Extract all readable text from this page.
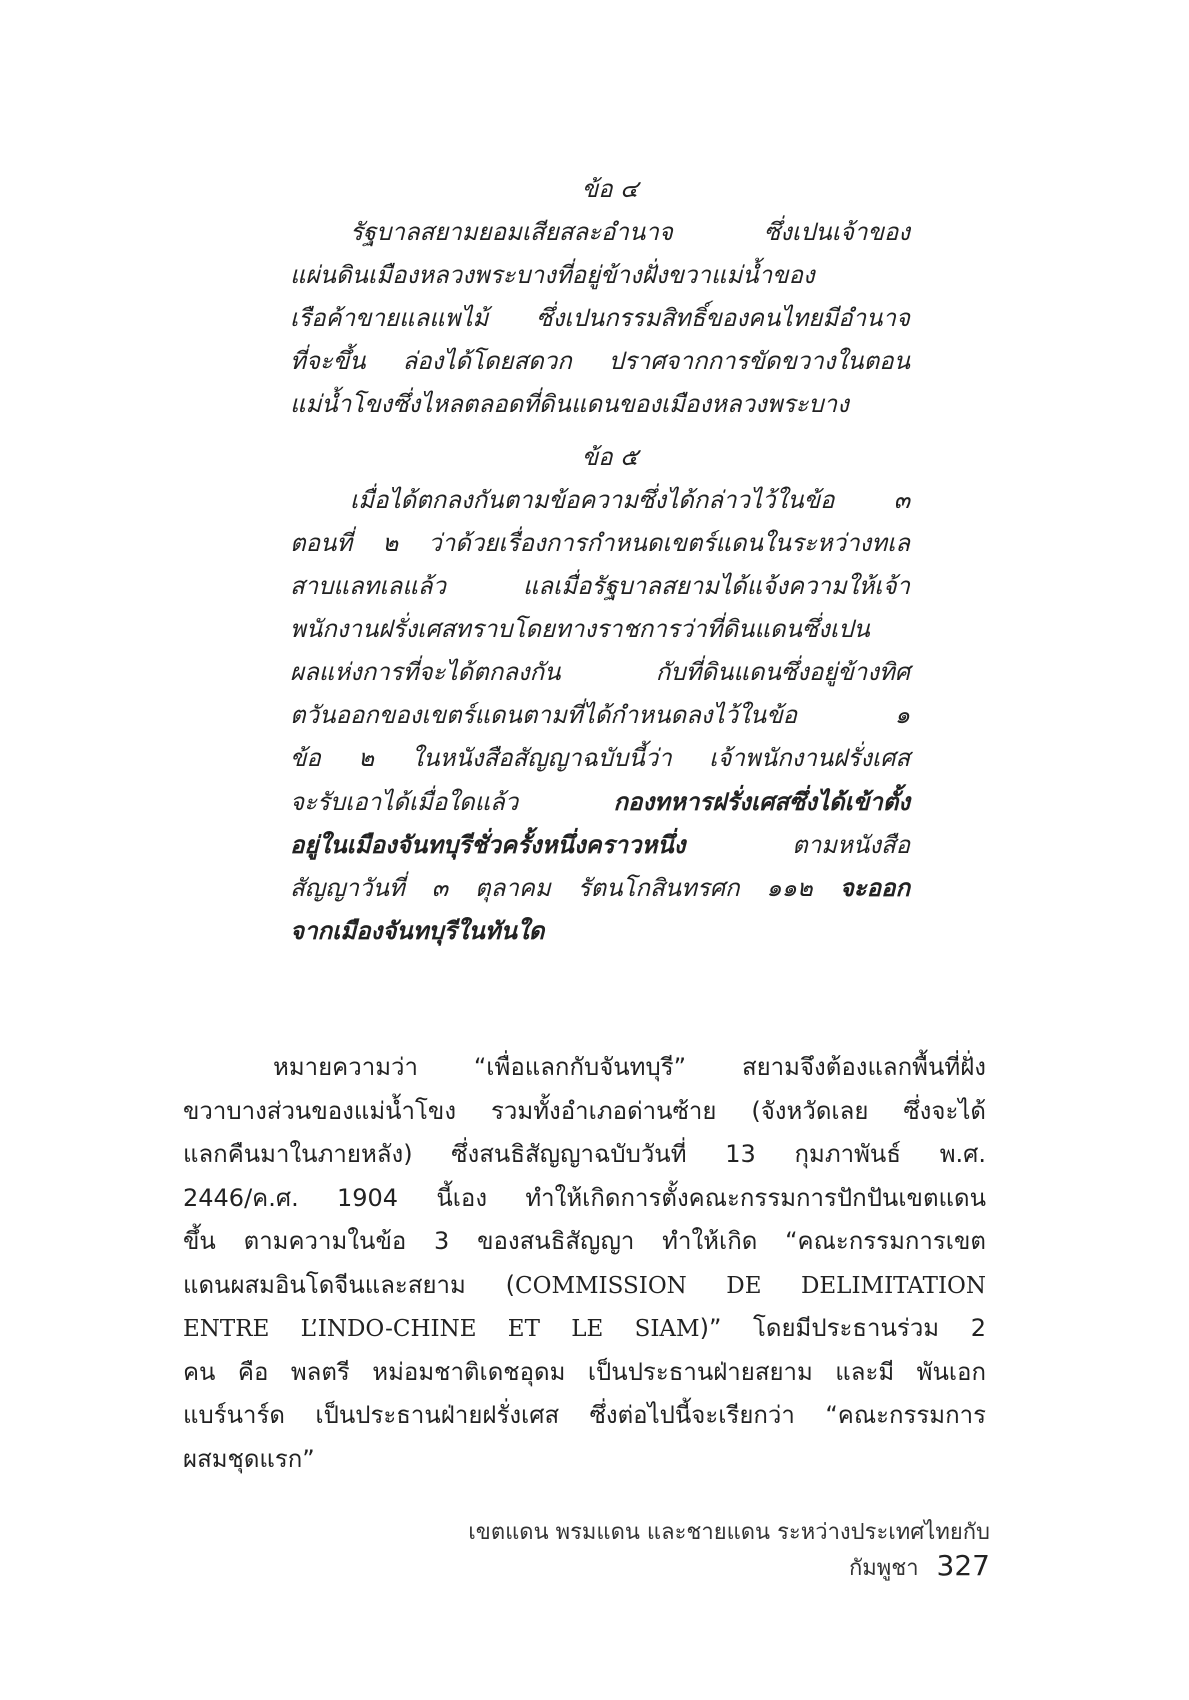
ข้อ ๔
รัฐบาลสยามยอมเสียสละอำนาจ ซึ่งเปนเจ้าของ
แผ่นดินเมืองหลวงพระบางที่อยู่ข้างฝั่งขวาแม่น้ำของ
เรือค้าขายแลแพไม้ ซึ่งเปนกรรมสิทธิ์ของคนไทยมีอำนาจ
ที่จะขึ้น ล่องได้โดยสดวก ปราศจากการขัดขวางในตอน
แม่น้ำโขงซึ่งไหลตลอดที่ดินแดนของเมืองหลวงพระบาง
ข้อ ๕
เมื่อได้ตกลงกันตามข้อความซึ่งได้กล่าวไว้ในข้อ ๓
ตอนที่ ๒ ว่าด้วยเรื่องการกำหนดเขตร์แดนในระหว่างทเล
สาบแลทเลแล้ว แลเมื่อรัฐบาลสยามได้แจ้งความให้เจ้า
พนักงานฝรั่งเศสทราบโดยทางราชการว่าที่ดินแดนซึ่งเปน
ผลแห่งการที่จะได้ตกลงกัน กับที่ดินแดนซึ่งอยู่ข้างทิศ
ตวันออกของเขตร์แดนตามที่ได้กำหนดลงไว้ในข้อ ๑
ข้อ ๒ ในหนังสือสัญญาฉบับนี้ว่า เจ้าพนักงานฝรั่งเศส
จะรับเอาได้เมื่อใดแล้ว	กองทหารฝรั่งเศสซึ่งได้เข้าตั้ง
อยู่ในเมืองจันทบุรีชั่วครั้งหนึ่งคราวหนึ่ง	ตามหนังสือ
สัญญาวันที่ ๓ ตุลาคม รัตนโกสินทรศก ๑๑๒ จะออก
จากเมืองจันทบุรีในทันใด
หมายความว่า “เพื่อแลกกับจันทบุรี” สยามจึงต้องแลกพื้นที่ฝั่ง
ขวาบางส่วนของแม่น้ำโขง รวมทั้งอำเภอด่านซ้าย (จังหวัดเลย ซึ่งจะได้
แลกคืนมาในภายหลัง) ซึ่งสนธิสัญญาฉบับวันที่ 13 กุมภาพันธ์ พ.ศ.
2446/ค.ศ. 1904 นี้เอง ทำให้เกิดการตั้งคณะกรรมการปักปันเขตแดน
ขึ้น ตามความในข้อ 3 ของสนธิสัญญา ทำให้เกิด “คณะกรรมการเขต
แดนผสมอินโดจีนและสยาม (COMMISSION DE DELIMITATION
ENTRE L’INDO-CHINE ET LE SIAM)” โดยมีประธานร่วม 2
คน คือ พลตรี หม่อมชาติเดชอุดม เป็นประธานฝ่ายสยาม และมี พันเอก
แบร์นาร์ด เป็นประธานฝ่ายฝรั่งเศส ซึ่งต่อไปนี้จะเรียกว่า “คณะกรรมการ
ผสมชุดแรก”
เขตแดน พรมแดน และชายแดน ระหว่างประเทศไทยกับกัมพูชา 327
